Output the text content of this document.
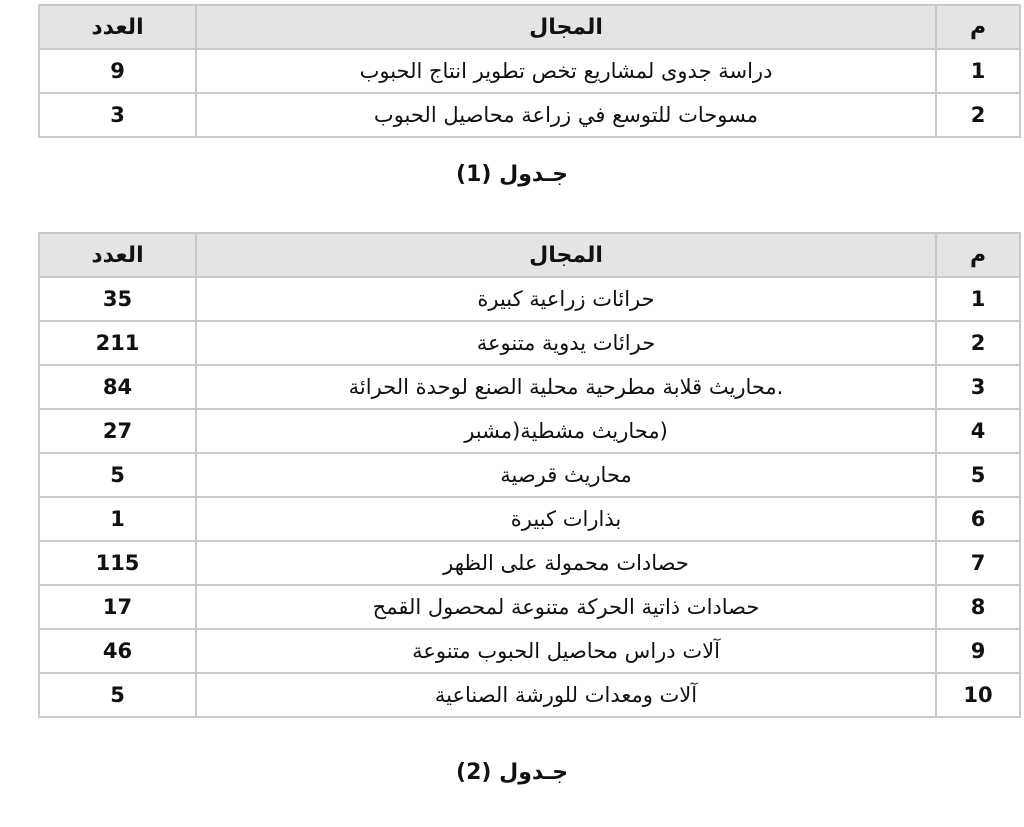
م	المجال	العدد
1	دراسة جدوى لمشاريع تخص تطوير انتاج الحبوب	9
2	مسوحات للتوسع في زراعة محاصيل الحبوب	3
جـدول (1)
م	المجال	العدد
1	حرائات زراعية كبيرة	35
2	حرائات يدوية متنوعة	211
3	.محاريث قلابة مطرحية محلية الصنع لوحدة الحرائة	84
4	(محاريث مشطية(مشبر	27
5	محاريث قرصية	5
6	بذارات كبيرة	1
7	حصادات محمولة على الظهر	115
8	حصادات ذاتية الحركة متنوعة لمحصول القمح	17
9	آلات دراس محاصيل الحبوب متنوعة	46
10	آلات ومعدات للورشة الصناعية	5
جـدول (2)
